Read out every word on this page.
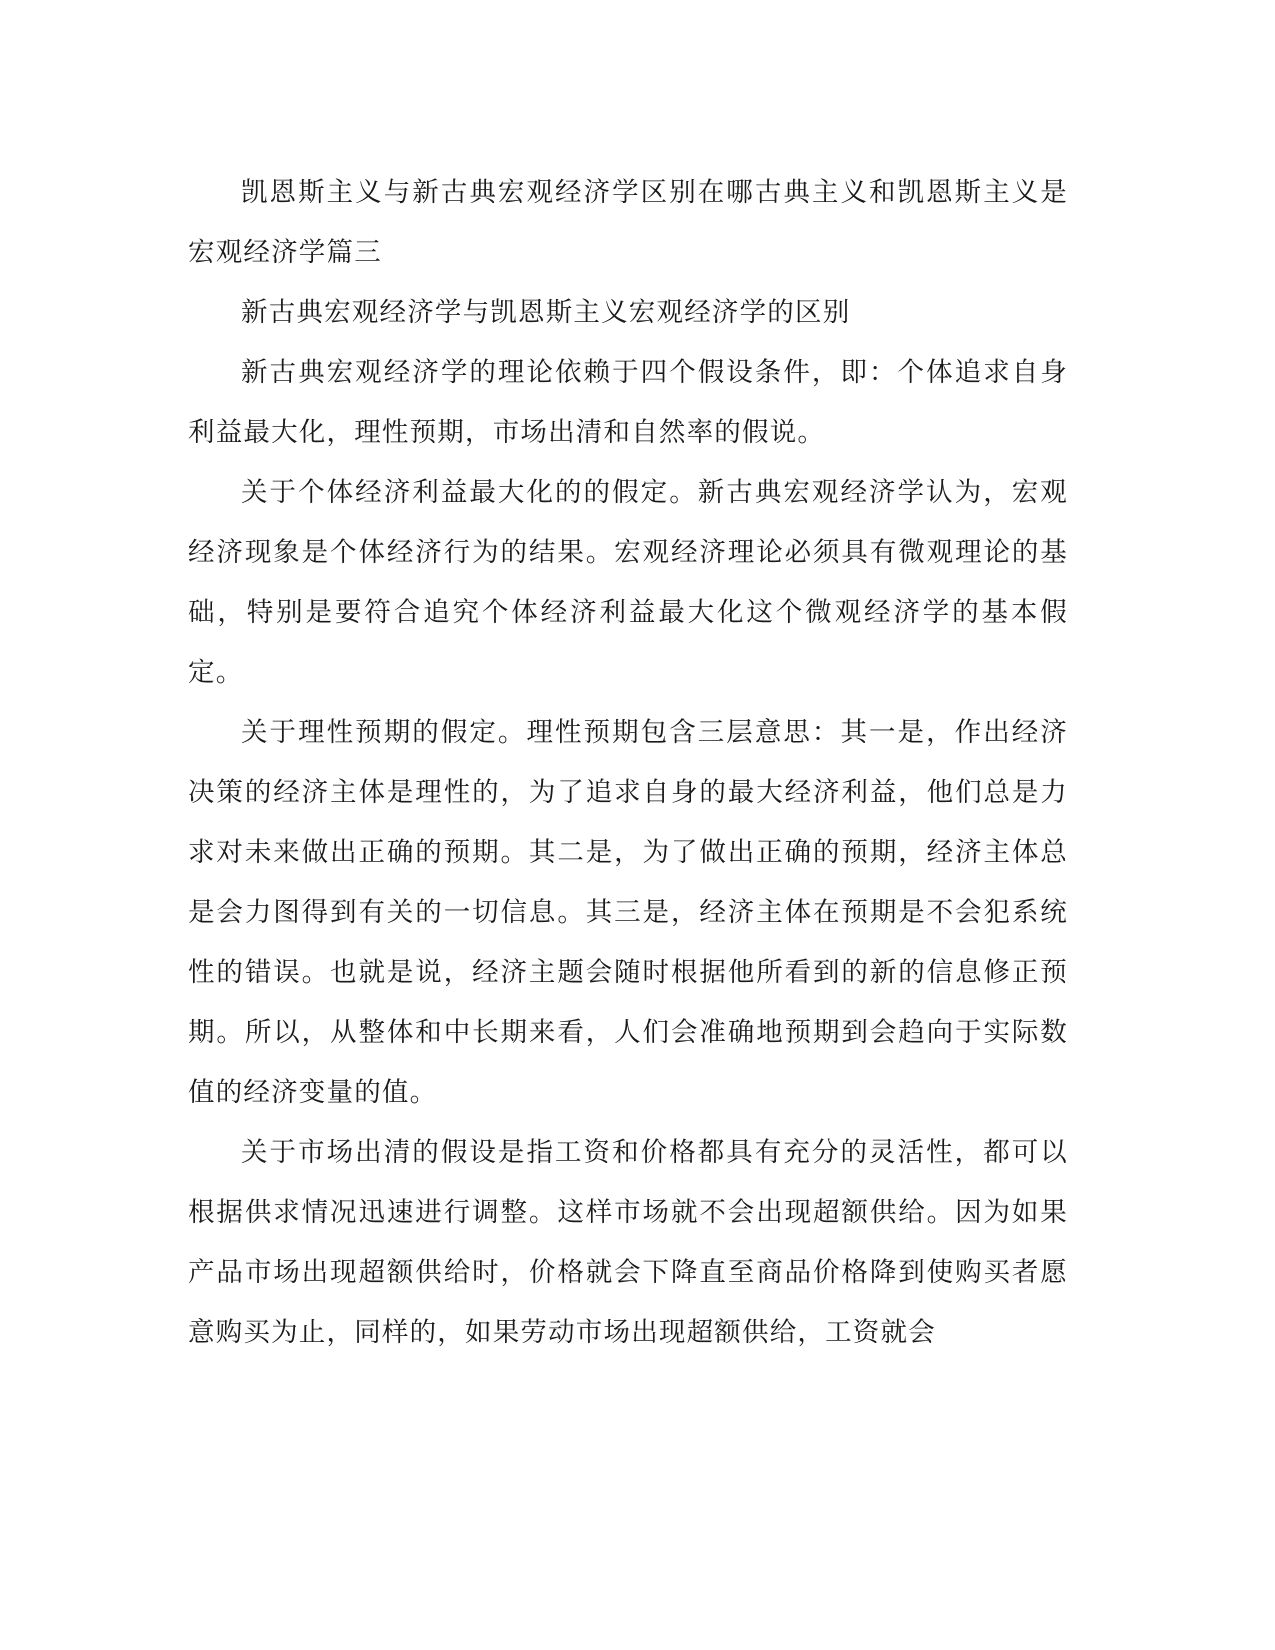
凯恩斯主义与新古典宏观经济学区别在哪古典主义和凯恩斯主义是宏观经济学篇三

新古典宏观经济学与凯恩斯主义宏观经济学的区别

新古典宏观经济学的理论依赖于四个假设条件，即：个体追求自身利益最大化，理性预期，市场出清和自然率的假说。

关于个体经济利益最大化的的假定。新古典宏观经济学认为，宏观经济现象是个体经济行为的结果。宏观经济理论必须具有微观理论的基础，特别是要符合追究个体经济利益最大化这个微观经济学的基本假定。

关于理性预期的假定。理性预期包含三层意思：其一是，作出经济决策的经济主体是理性的，为了追求自身的最大经济利益，他们总是力求对未来做出正确的预期。其二是，为了做出正确的预期，经济主体总是会力图得到有关的一切信息。其三是，经济主体在预期是不会犯系统性的错误。也就是说，经济主题会随时根据他所看到的新的信息修正预期。所以，从整体和中长期来看，人们会准确地预期到会趋向于实际数值的经济变量的值。

关于市场出清的假设是指工资和价格都具有充分的灵活性，都可以根据供求情况迅速进行调整。这样市场就不会出现超额供给。因为如果产品市场出现超额供给时，价格就会下降直至商品价格降到使购买者愿意购买为止，同样的，如果劳动市场出现超额供给，工资就会
